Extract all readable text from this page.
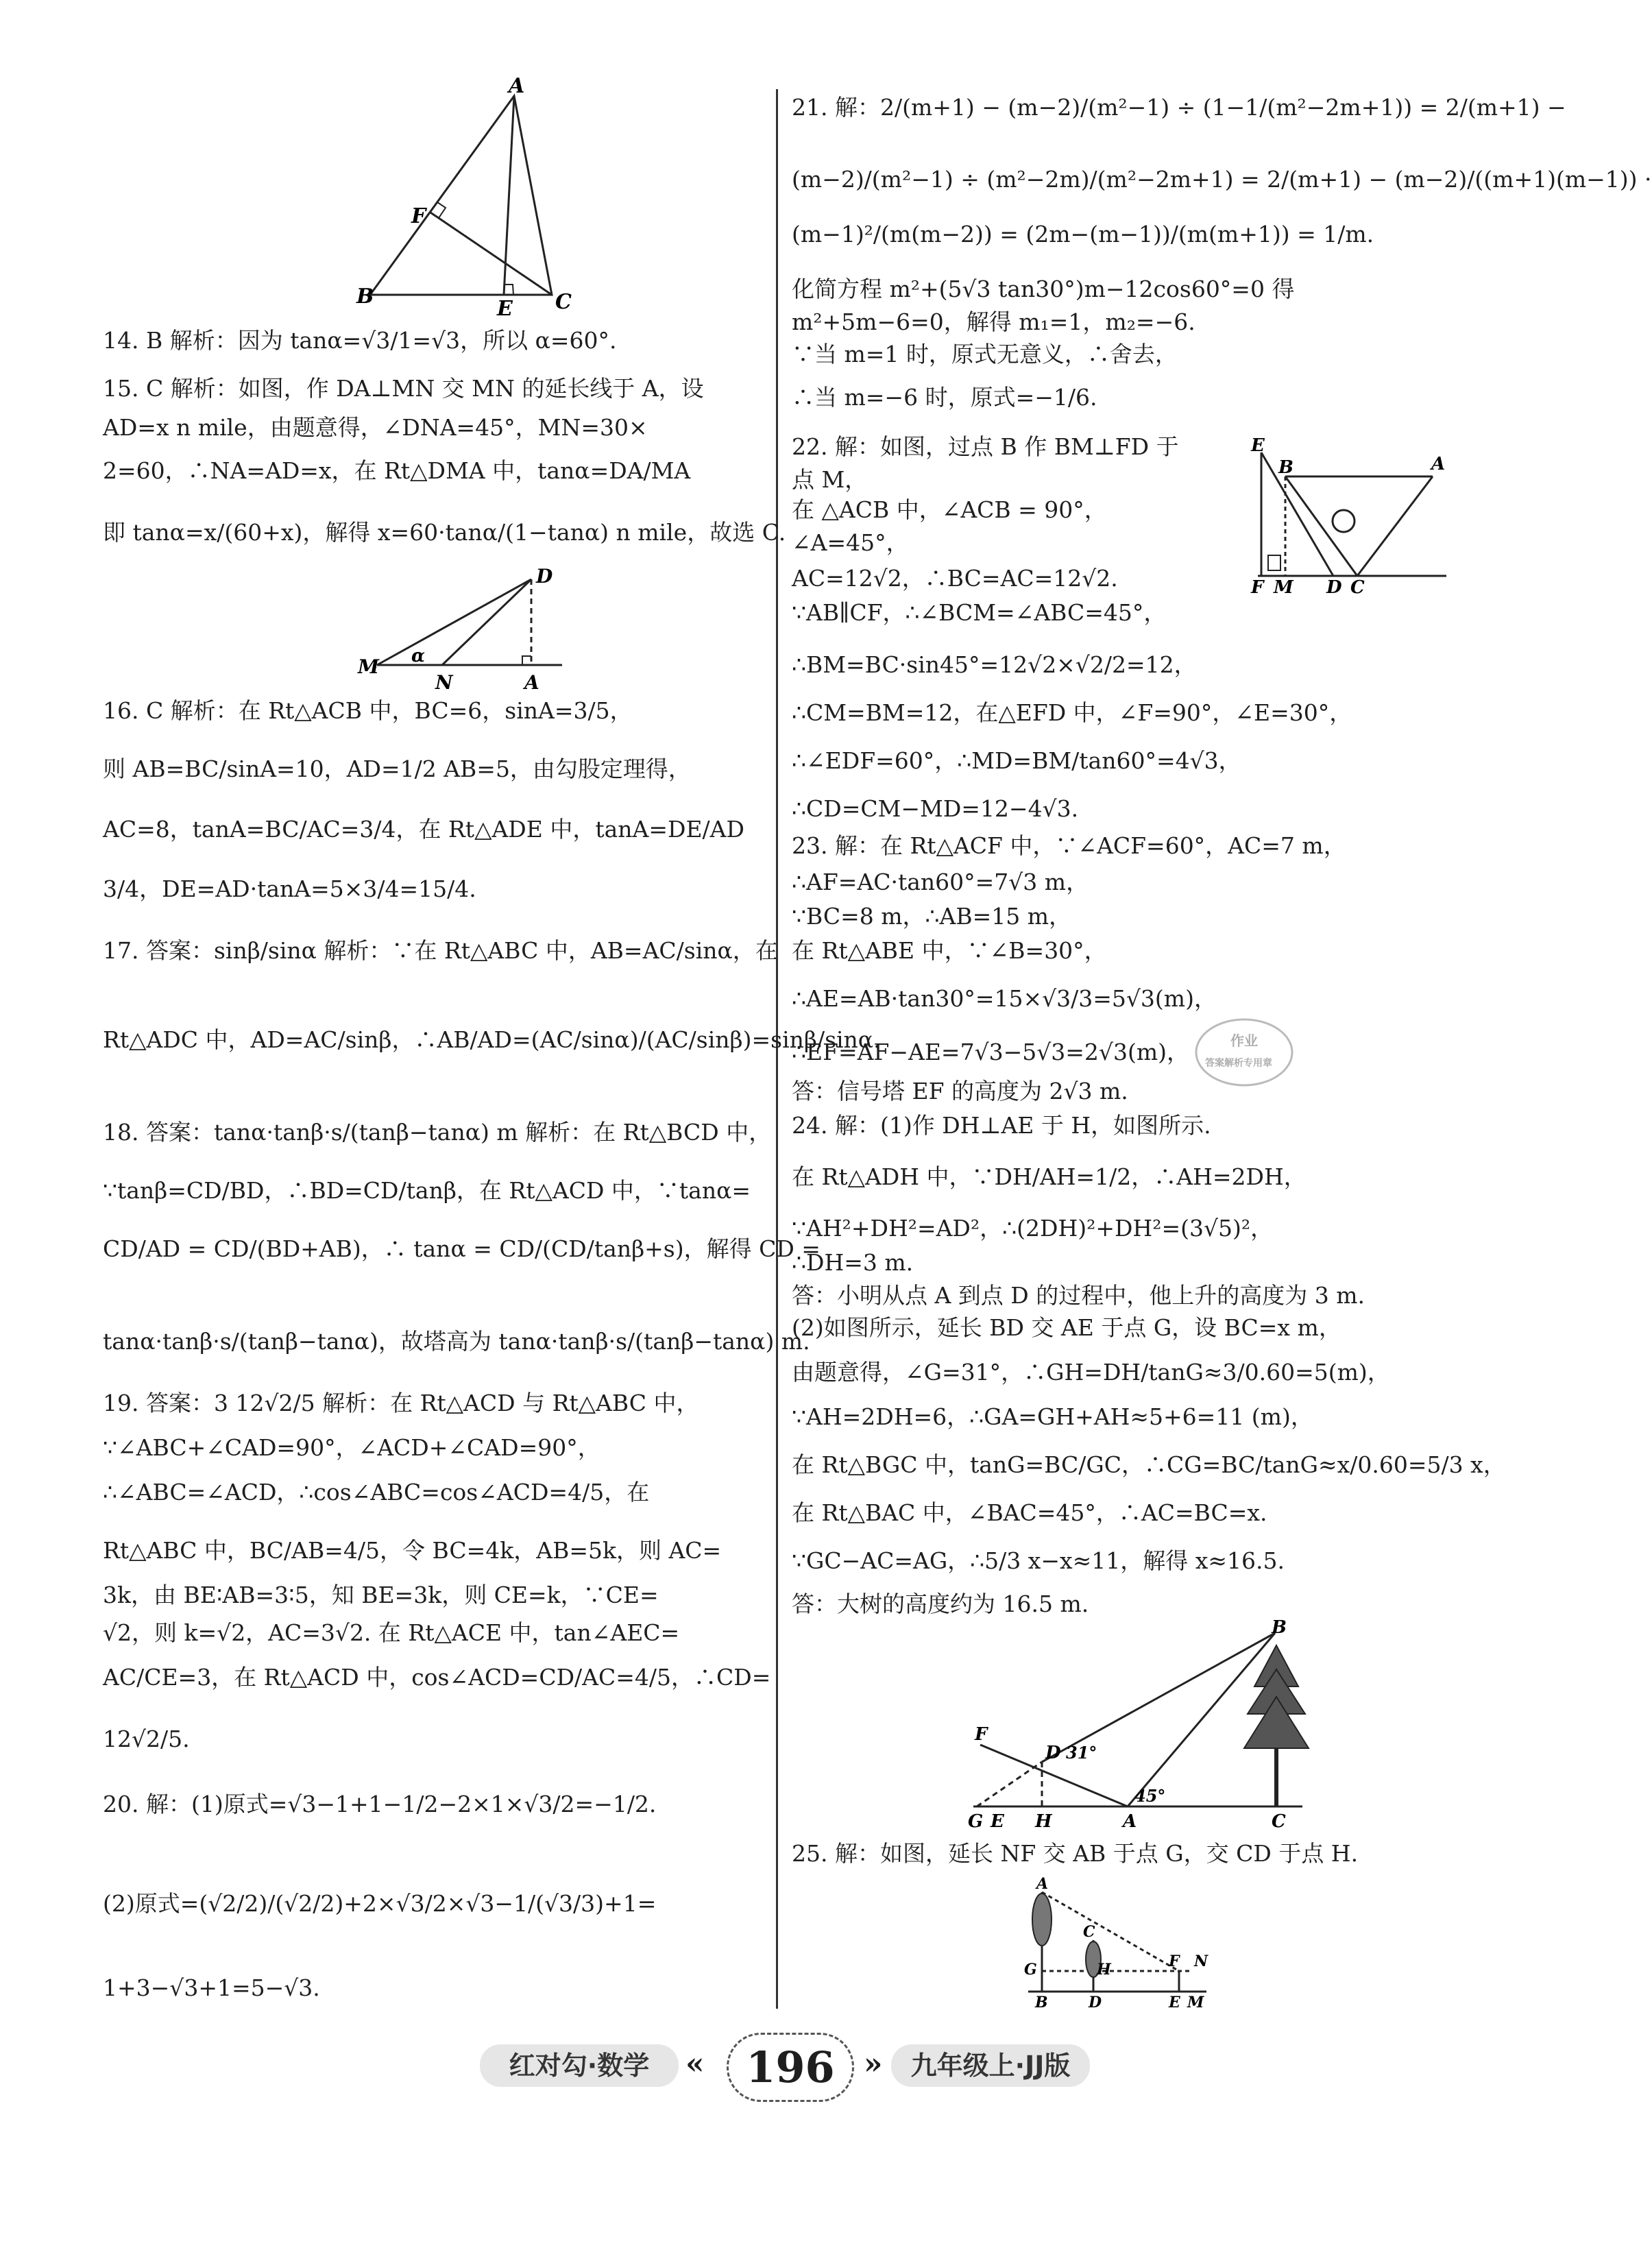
A
B	C
E
F
D
M
N	A
α
E
B	A
F M D C
B
F
D 31°
45°
G E H	A	C
A
C
G	H	F N
B	D	E M
作业
答案解析专用章
14. B 解析：因为 tanα=√3/1=√3，所以 α=60°.
15. C 解析：如图，作 DA⊥MN 交 MN 的延长线于 A，设
AD=x n mile，由题意得，∠DNA=45°，MN=30×
2=60，∴NA=AD=x，在 Rt△DMA 中，tanα=DA/MA
即 tanα=x/(60+x)，解得 x=60·tanα/(1−tanα) n mile，故选 C.
16. C 解析：在 Rt△ACB 中，BC=6，sinA=3/5，
则 AB=BC/sinA=10，AD=1/2 AB=5，由勾股定理得，
AC=8，tanA=BC/AC=3/4，在 Rt△ADE 中，tanA=DE/AD
3/4，DE=AD·tanA=5×3/4=15/4.
17. 答案：sinβ/sinα 解析：∵在 Rt△ABC 中，AB=AC/sinα，在
Rt△ADC 中，AD=AC/sinβ，∴AB/AD=(AC/sinα)/(AC/sinβ)=sinβ/sinα.
18. 答案：tanα·tanβ·s/(tanβ−tanα) m 解析：在 Rt△BCD 中，
∵tanβ=CD/BD，∴BD=CD/tanβ，在 Rt△ACD 中，∵tanα=
CD/AD = CD/(BD+AB)，∴ tanα = CD/(CD/tanβ+s)，解得 CD =
tanα·tanβ·s/(tanβ−tanα)，故塔高为 tanα·tanβ·s/(tanβ−tanα) m.
19. 答案：3 12√2/5 解析：在 Rt△ACD 与 Rt△ABC 中，
∵∠ABC+∠CAD=90°，∠ACD+∠CAD=90°，
∴∠ABC=∠ACD，∴cos∠ABC=cos∠ACD=4/5，在
Rt△ABC 中，BC/AB=4/5，令 BC=4k，AB=5k，则 AC=
3k，由 BE∶AB=3∶5，知 BE=3k，则 CE=k，∵CE=
√2，则 k=√2，AC=3√2. 在 Rt△ACE 中，tan∠AEC=
AC/CE=3，在 Rt△ACD 中，cos∠ACD=CD/AC=4/5，∴CD=
12√2/5.
20. 解：(1)原式=√3−1+1−1/2−2×1×√3/2=−1/2.
(2)原式=(√2/2)/(√2/2)+2×√3/2×√3−1/(√3/3)+1=
1+3−√3+1=5−√3.
21. 解：2/(m+1) − (m−2)/(m²−1) ÷ (1−1/(m²−2m+1)) = 2/(m+1) −
(m−2)/(m²−1) ÷ (m²−2m)/(m²−2m+1) = 2/(m+1) − (m−2)/((m+1)(m−1)) ·
(m−1)²/(m(m−2)) = (2m−(m−1))/(m(m+1)) = 1/m.
化简方程 m²+(5√3 tan30°)m−12cos60°=0 得
m²+5m−6=0，解得 m₁=1，m₂=−6.
∵当 m=1 时，原式无意义，∴舍去，
∴当 m=−6 时，原式=−1/6.
22. 解：如图，过点 B 作 BM⊥FD 于
点 M，
在 △ACB 中，∠ACB = 90°，
∠A=45°，
AC=12√2，∴BC=AC=12√2.
∵AB∥CF，∴∠BCM=∠ABC=45°，
∴BM=BC·sin45°=12√2×√2/2=12，
∴CM=BM=12，在△EFD 中，∠F=90°，∠E=30°，
∴∠EDF=60°，∴MD=BM/tan60°=4√3，
∴CD=CM−MD=12−4√3.
23. 解：在 Rt△ACF 中，∵∠ACF=60°，AC=7 m，
∴AF=AC·tan60°=7√3 m，
∵BC=8 m，∴AB=15 m，
在 Rt△ABE 中，∵∠B=30°，
∴AE=AB·tan30°=15×√3/3=5√3(m)，
∴EF=AF−AE=7√3−5√3=2√3(m)，
答：信号塔 EF 的高度为 2√3 m.
24. 解：(1)作 DH⊥AE 于 H，如图所示.
在 Rt△ADH 中，∵DH/AH=1/2，∴AH=2DH，
∵AH²+DH²=AD²，∴(2DH)²+DH²=(3√5)²，
∴DH=3 m.
答：小明从点 A 到点 D 的过程中，他上升的高度为 3 m.
(2)如图所示，延长 BD 交 AE 于点 G，设 BC=x m，
由题意得，∠G=31°，∴GH=DH/tanG≈3/0.60=5(m)，
∵AH=2DH=6，∴GA=GH+AH≈5+6=11 (m)，
在 Rt△BGC 中，tanG=BC/GC，∴CG=BC/tanG≈x/0.60=5/3 x，
在 Rt△BAC 中，∠BAC=45°，∴AC=BC=x.
∵GC−AC=AG，∴5/3 x−x≈11，解得 x≈16.5.
答：大树的高度约为 16.5 m.
25. 解：如图，延长 NF 交 AB 于点 G，交 CD 于点 H.
红对勾·数学	« 196 »	九年级上·JJ版
